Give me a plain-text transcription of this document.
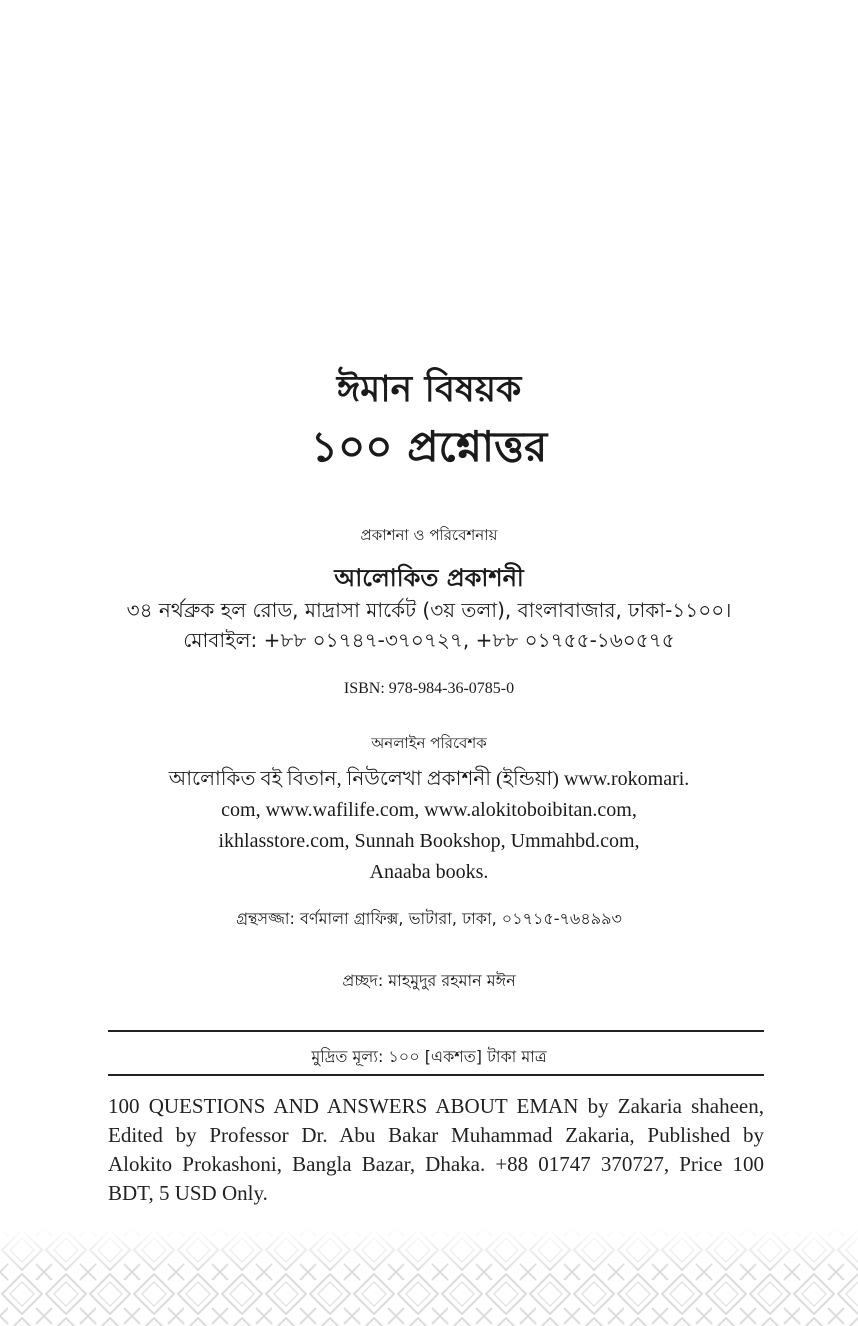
ঈমান বিষয়ক
১০০ প্রশ্নোত্তর
প্রকাশনা ও পরিবেশনায়
আলোকিত প্রকাশনী
৩৪ নর্থব্রুক হল রোড, মাদ্রাসা মার্কেট (৩য় তলা), বাংলাবাজার, ঢাকা-১১০০।
মোবাইল: +৮৮ ০১৭৪৭-৩৭০৭২৭, +৮৮ ০১৭৫৫-১৬০৫৭৫
ISBN: 978-984-36-0785-0
অনলাইন পরিবেশক
আলোকিত বই বিতান, নিউলেখা প্রকাশনী (ইন্ডিয়া) www.rokomari.
com, www.wafilife.com, www.alokitoboibitan.com,
ikhlasstore.com, Sunnah Bookshop, Ummahbd.com,
Anaaba books.
গ্রন্থসজ্জা: বর্ণমালা গ্রাফিক্স, ভাটারা, ঢাকা, ০১৭১৫-৭৬৪৯৯৩
প্রচ্ছদ: মাহমুদুর রহমান মঈন
মুদ্রিত মূল্য: ১০০ [একশত] টাকা মাত্র
100 QUESTIONS AND ANSWERS ABOUT EMAN by Zakaria shaheen, Edited by Professor Dr. Abu Bakar Muhammad Zakaria, Published by Alokito Prokashoni, Bangla Bazar, Dhaka. +88 01747 370727, Price 100 BDT, 5 USD Only.
